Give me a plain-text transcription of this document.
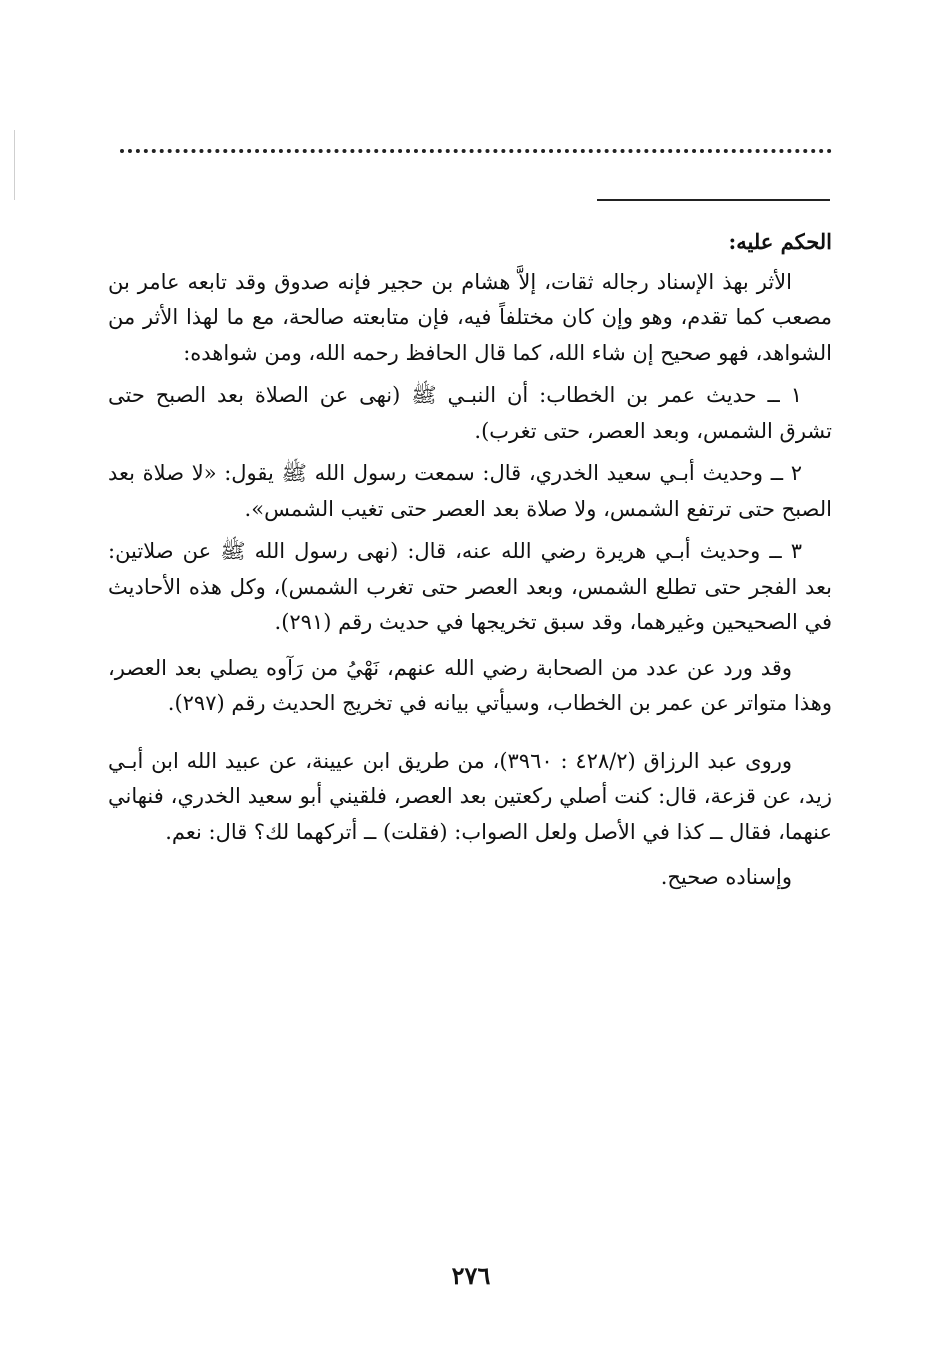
الحكم عليه:

الأثر بهذ الإسناد رجاله ثقات، إلاَّ هشام بن حجير فإنه صدوق وقد تابعه عامر بن مصعب كما تقدم، وهو وإن كان مختلفاً فيه، فإن متابعته صالحة، مع ما لهذا الأثر من الشواهد، فهو صحيح إن شاء الله، كما قال الحافظ رحمه الله، ومن شواهده:

١ ــ حديث عمر بن الخطاب: أن النبـي ﷺ (نهى عن الصلاة بعد الصبح حتى تشرق الشمس، وبعد العصر، حتى تغرب).

٢ ــ وحديث أبـي سعيد الخدري، قال: سمعت رسول الله ﷺ يقول: «لا صلاة بعد الصبح حتى ترتفع الشمس، ولا صلاة بعد العصر حتى تغيب الشمس».

٣ ــ وحديث أبـي هريرة رضي الله عنه، قال: (نهى رسول الله ﷺ عن صلاتين: بعد الفجر حتى تطلع الشمس، وبعد العصر حتى تغرب الشمس)، وكل هذه الأحاديث في الصحيحين وغيرهما، وقد سبق تخريجها في حديث رقم (٢٩١).

وقد ورد عن عدد من الصحابة رضي الله عنهم، نَهْيُ من رَآوه يصلي بعد العصر، وهذا متواتر عن عمر بن الخطاب، وسيأتي بيانه في تخريج الحديث رقم (٢٩٧).

وروى عبد الرزاق (٤٢٨/٢ : ٣٩٦٠)، من طريق ابن عيينة، عن عبيد الله ابن أبـي زيد، عن قزعة، قال: كنت أصلي ركعتين بعد العصر، فلقيني أبو سعيد الخدري، فنهاني عنهما، فقال ــ كذا في الأصل ولعل الصواب: (فقلت) ــ أتركهما لك؟ قال: نعم.

وإسناده صحيح.

٢٧٦
